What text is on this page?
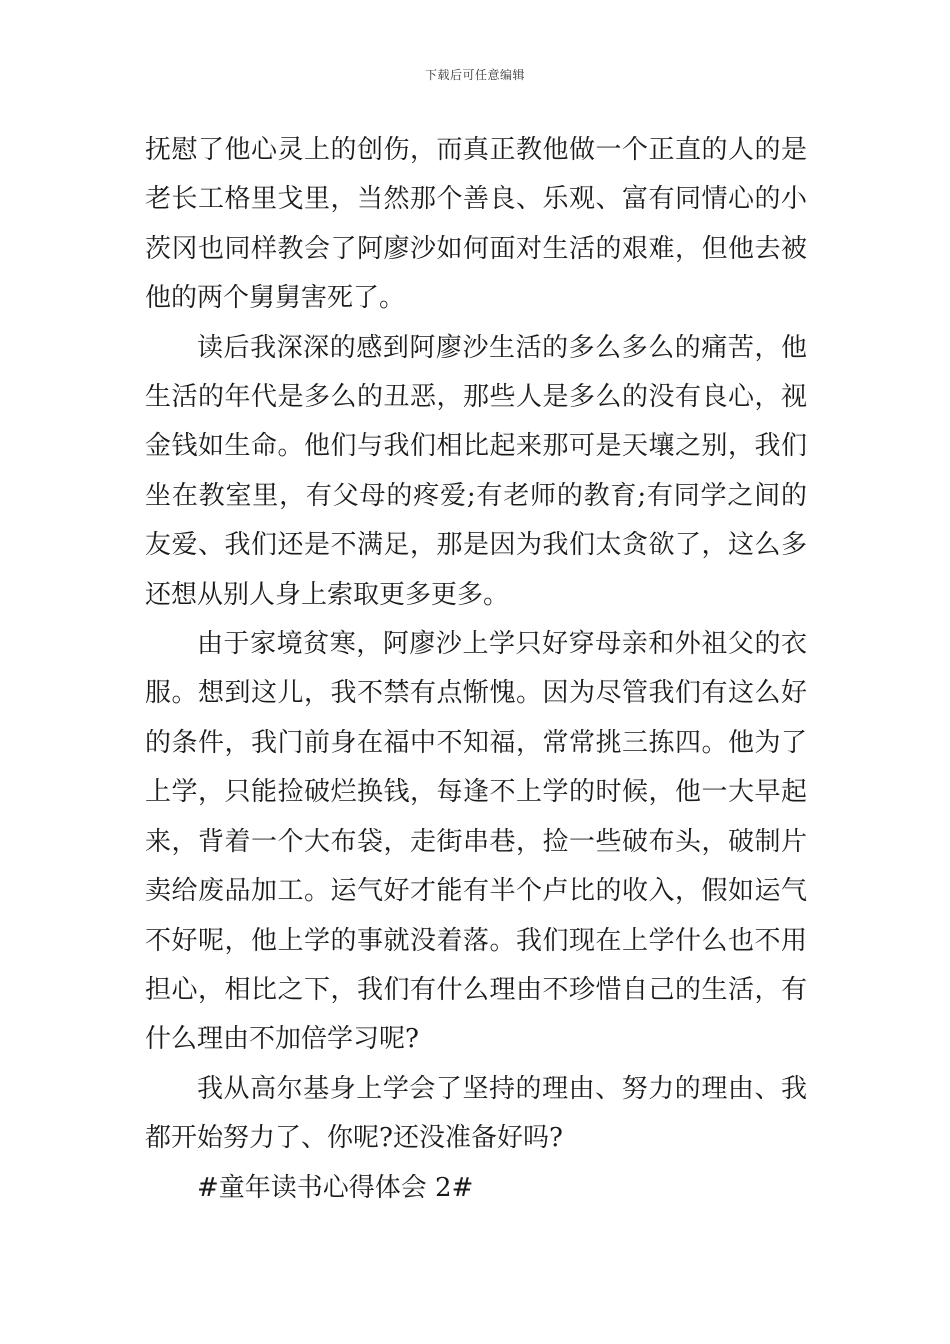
下载后可任意编辑

抚慰了他心灵上的创伤，而真正教他做一个正直的人的是老长工格里戈里，当然那个善良、乐观、富有同情心的小茨冈也同样教会了阿廖沙如何面对生活的艰难，但他去被他的两个舅舅害死了。

读后我深深的感到阿廖沙生活的多么多么的痛苦，他生活的年代是多么的丑恶，那些人是多么的没有良心，视金钱如生命。他们与我们相比起来那可是天壤之别，我们坐在教室里，有父母的疼爱;有老师的教育;有同学之间的友爱、我们还是不满足，那是因为我们太贪欲了，这么多还想从别人身上索取更多更多。

由于家境贫寒，阿廖沙上学只好穿母亲和外祖父的衣服。想到这儿，我不禁有点惭愧。因为尽管我们有这么好的条件，我门前身在福中不知福，常常挑三拣四。他为了上学，只能捡破烂换钱，每逢不上学的时候，他一大早起来，背着一个大布袋，走街串巷，捡一些破布头，破制片卖给废品加工。运气好才能有半个卢比的收入，假如运气不好呢，他上学的事就没着落。我们现在上学什么也不用担心，相比之下，我们有什么理由不珍惜自己的生活，有什么理由不加倍学习呢?

我从高尔基身上学会了坚持的理由、努力的理由、我都开始努力了、你呢?还没准备好吗?

#童年读书心得体会 2#
